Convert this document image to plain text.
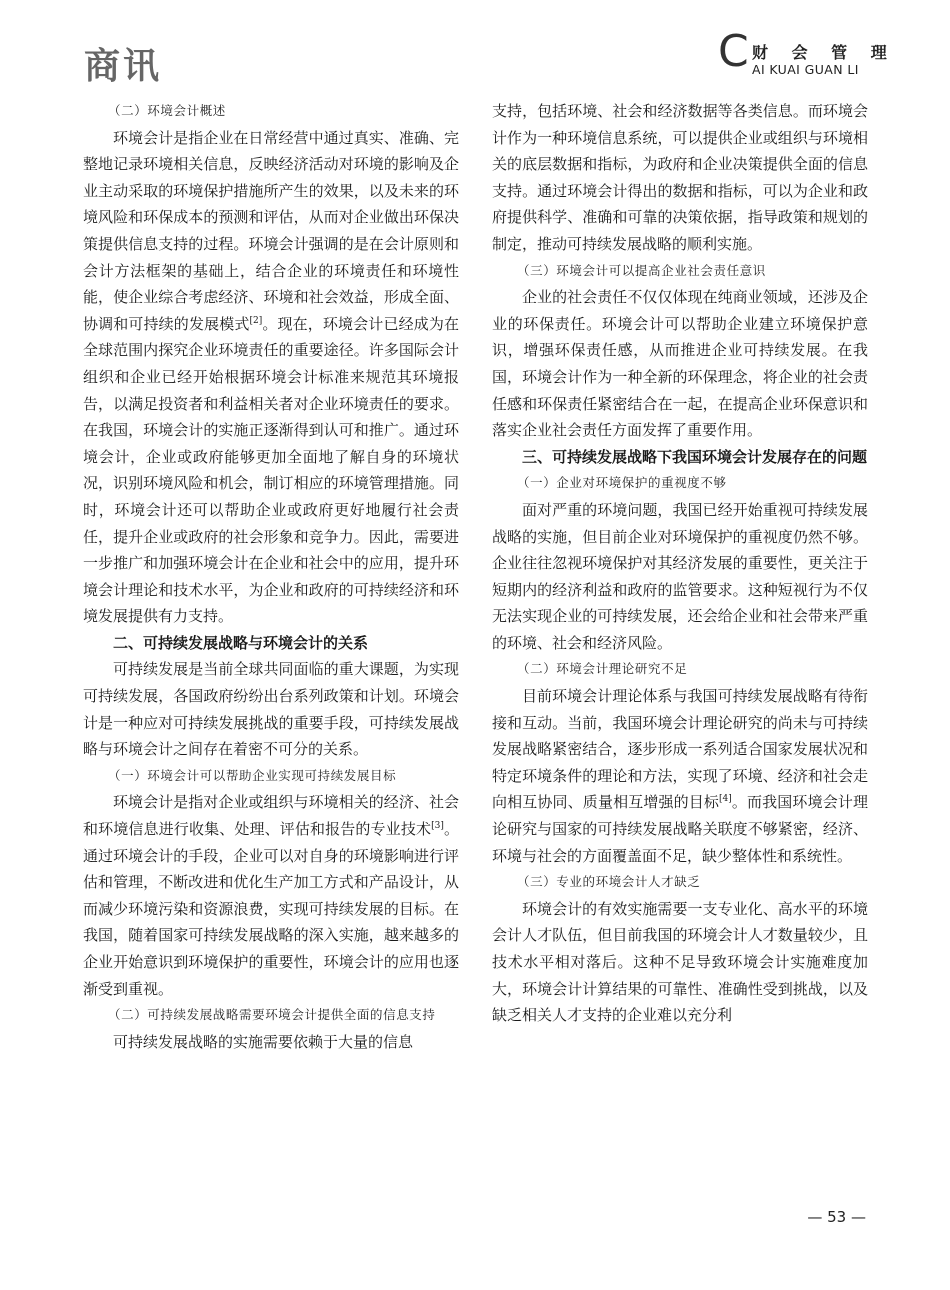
商讯	C 财 会 管 理
AI KUAI GUAN LI
（二）环境会计概述
环境会计是指企业在日常经营中通过真实、准确、完整地记录环境相关信息，反映经济活动对环境的影响及企业主动采取的环境保护措施所产生的效果，以及未来的环境风险和环保成本的预测和评估，从而对企业做出环保决策提供信息支持的过程。环境会计强调的是在会计原则和会计方法框架的基础上，结合企业的环境责任和环境性能，使企业综合考虑经济、环境和社会效益，形成全面、协调和可持续的发展模式[2]。现在，环境会计已经成为在全球范围内探究企业环境责任的重要途径。许多国际会计组织和企业已经开始根据环境会计标准来规范其环境报告，以满足投资者和利益相关者对企业环境责任的要求。在我国，环境会计的实施正逐渐得到认可和推广。通过环境会计，企业或政府能够更加全面地了解自身的环境状况，识别环境风险和机会，制订相应的环境管理措施。同时，环境会计还可以帮助企业或政府更好地履行社会责任，提升企业或政府的社会形象和竞争力。因此，需要进一步推广和加强环境会计在企业和社会中的应用，提升环境会计理论和技术水平，为企业和政府的可持续经济和环境发展提供有力支持。
二、可持续发展战略与环境会计的关系
可持续发展是当前全球共同面临的重大课题，为实现可持续发展，各国政府纷纷出台系列政策和计划。环境会计是一种应对可持续发展挑战的重要手段，可持续发展战略与环境会计之间存在着密不可分的关系。
（一）环境会计可以帮助企业实现可持续发展目标
环境会计是指对企业或组织与环境相关的经济、社会和环境信息进行收集、处理、评估和报告的专业技术[3]。通过环境会计的手段，企业可以对自身的环境影响进行评估和管理，不断改进和优化生产加工方式和产品设计，从而减少环境污染和资源浪费，实现可持续发展的目标。在我国，随着国家可持续发展战略的深入实施，越来越多的企业开始意识到环境保护的重要性，环境会计的应用也逐渐受到重视。
（二）可持续发展战略需要环境会计提供全面的信息支持
可持续发展战略的实施需要依赖于大量的信息
支持，包括环境、社会和经济数据等各类信息。而环境会计作为一种环境信息系统，可以提供企业或组织与环境相关的底层数据和指标，为政府和企业决策提供全面的信息支持。通过环境会计得出的数据和指标，可以为企业和政府提供科学、准确和可靠的决策依据，指导政策和规划的制定，推动可持续发展战略的顺利实施。
（三）环境会计可以提高企业社会责任意识
企业的社会责任不仅仅体现在纯商业领域，还涉及企业的环保责任。环境会计可以帮助企业建立环境保护意识，增强环保责任感，从而推进企业可持续发展。在我国，环境会计作为一种全新的环保理念，将企业的社会责任感和环保责任紧密结合在一起，在提高企业环保意识和落实企业社会责任方面发挥了重要作用。
三、可持续发展战略下我国环境会计发展存在的问题
（一）企业对环境保护的重视度不够
面对严重的环境问题，我国已经开始重视可持续发展战略的实施，但目前企业对环境保护的重视度仍然不够。企业往往忽视环境保护对其经济发展的重要性，更关注于短期内的经济利益和政府的监管要求。这种短视行为不仅无法实现企业的可持续发展，还会给企业和社会带来严重的环境、社会和经济风险。
（二）环境会计理论研究不足
目前环境会计理论体系与我国可持续发展战略有待衔接和互动。当前，我国环境会计理论研究的尚未与可持续发展战略紧密结合，逐步形成一系列适合国家发展状况和特定环境条件的理论和方法，实现了环境、经济和社会走向相互协同、质量相互增强的目标[4]。而我国环境会计理论研究与国家的可持续发展战略关联度不够紧密，经济、环境与社会的方面覆盖面不足，缺少整体性和系统性。
（三）专业的环境会计人才缺乏
环境会计的有效实施需要一支专业化、高水平的环境会计人才队伍，但目前我国的环境会计人才数量较少，且技术水平相对落后。这种不足导致环境会计实施难度加大，环境会计计算结果的可靠性、准确性受到挑战，以及缺乏相关人才支持的企业难以充分利
— 53 —
